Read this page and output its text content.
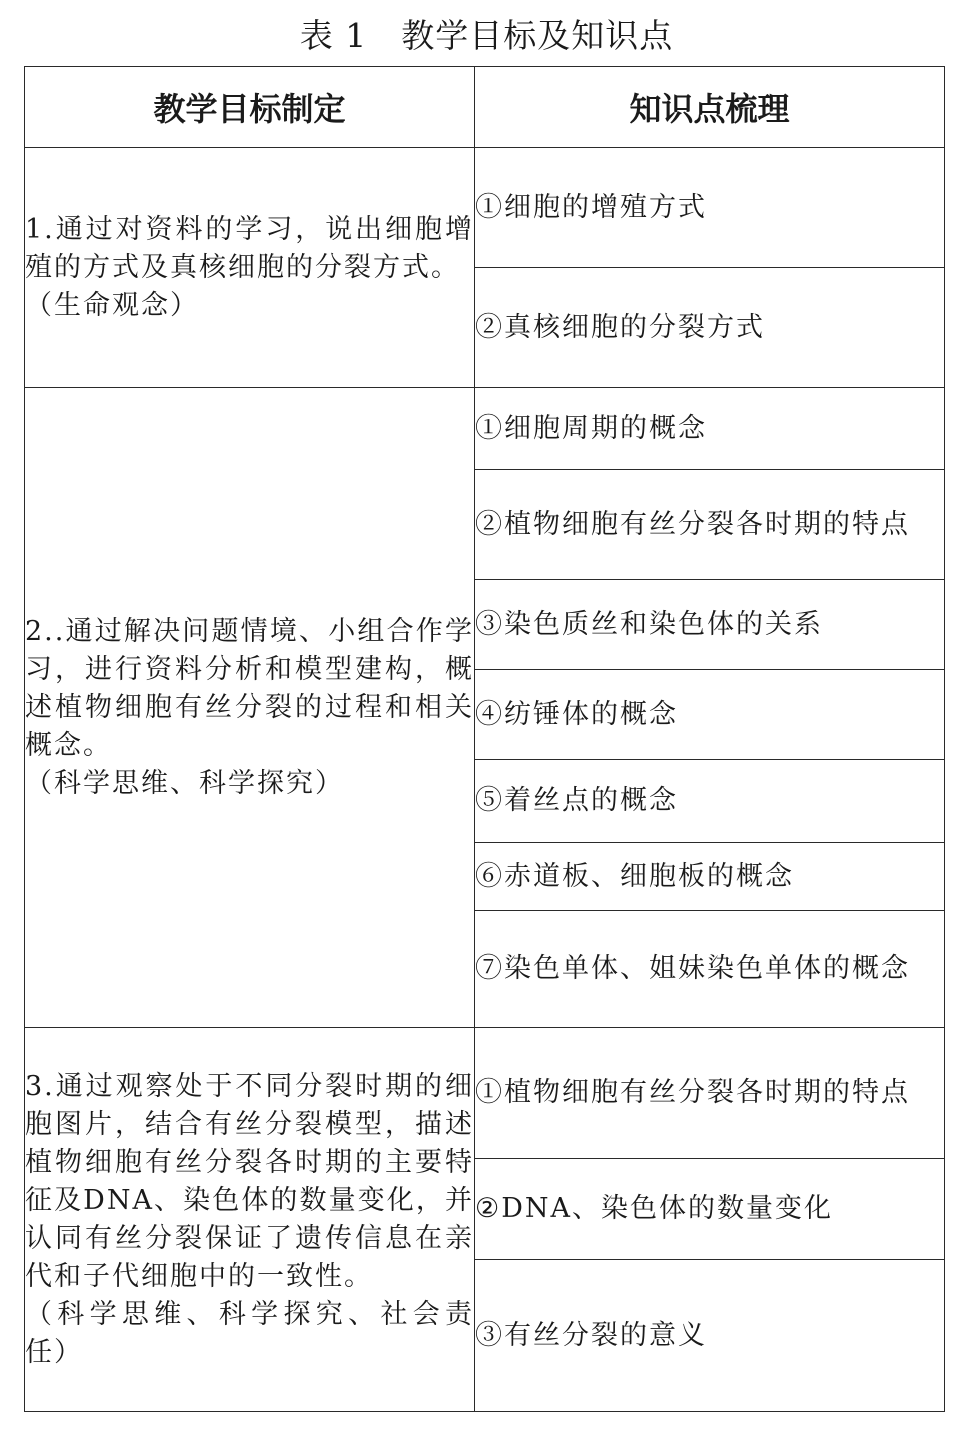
表 1　教学目标及知识点
教学目标制定	知识点梳理

1.通过对资料的学习，说出细胞增殖的方式及真核细胞的分裂方式。
（生命观念）	①细胞的增殖方式
	②真核细胞的分裂方式

2..通过解决问题情境、小组合作学习，进行资料分析和模型建构，概述植物细胞有丝分裂的过程和相关概念。
（科学思维、科学探究）	①细胞周期的概念
	②植物细胞有丝分裂各时期的特点
	③染色质丝和染色体的关系
	④纺锤体的概念
	⑤着丝点的概念
	⑥赤道板、细胞板的概念
	⑦染色单体、姐妹染色单体的概念

3.通过观察处于不同分裂时期的细胞图片，结合有丝分裂模型，描述植物细胞有丝分裂各时期的主要特征及DNA、染色体的数量变化，并认同有丝分裂保证了遗传信息在亲代和子代细胞中的一致性。
（科学思维、科学探究、社会责任）	①植物细胞有丝分裂各时期的特点
	②DNA、染色体的数量变化
	③有丝分裂的意义
